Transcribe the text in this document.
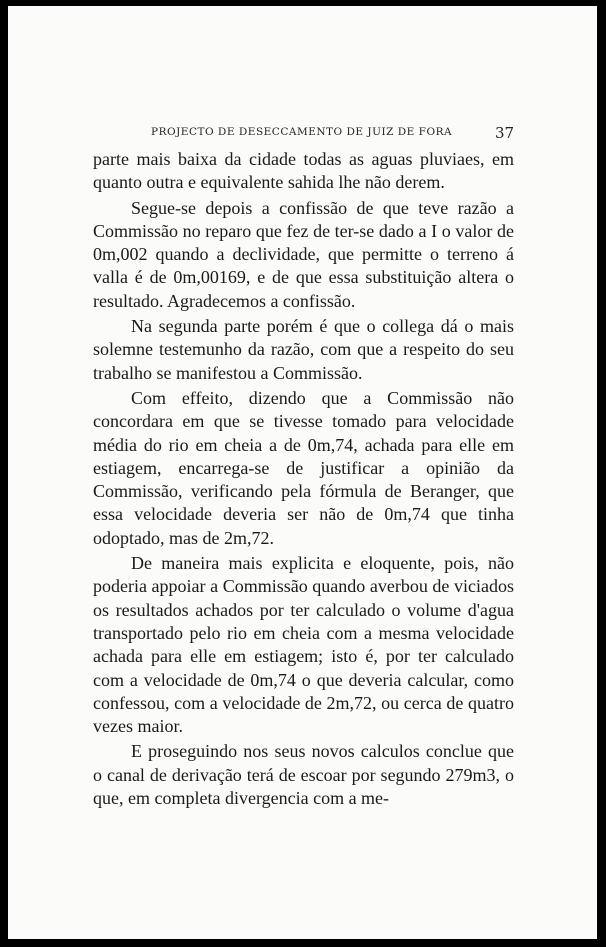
PROJECTO DE DESECCAMENTO DE JUIZ DE FORA	37

parte mais baixa da cidade todas as aguas pluviaes, em quanto outra e equivalente sahida lhe não derem.

Segue-se depois a confissão de que teve razão a Commissão no reparo que fez de ter-se dado a I o valor de 0m,002 quando a declividade, que permitte o terreno á valla é de 0m,00169, e de que essa substituição altera o resultado. Agradecemos a confissão.

Na segunda parte porém é que o collega dá o mais solemne testemunho da razão, com que a respeito do seu trabalho se manifestou a Commissão.

Com effeito, dizendo que a Commissão não concordara em que se tivesse tomado para velocidade média do rio em cheia a de 0m,74, achada para elle em estiagem, encarrega-se de justificar a opinião da Commissão, verificando pela fórmula de Beranger, que essa velocidade deveria ser não de 0m,74 que tinha odoptado, mas de 2m,72.

De maneira mais explicita e eloquente, pois, não poderia appoiar a Commissão quando averbou de viciados os resultados achados por ter calculado o volume d'agua transportado pelo rio em cheia com a mesma velocidade achada para elle em estiagem; isto é, por ter calculado com a velocidade de 0m,74 o que deveria calcular, como confessou, com a velocidade de 2m,72, ou cerca de quatro vezes maior.

E proseguindo nos seus novos calculos conclue que o canal de derivação terá de escoar por segundo 279m3, o que, em completa divergencia com a me-
